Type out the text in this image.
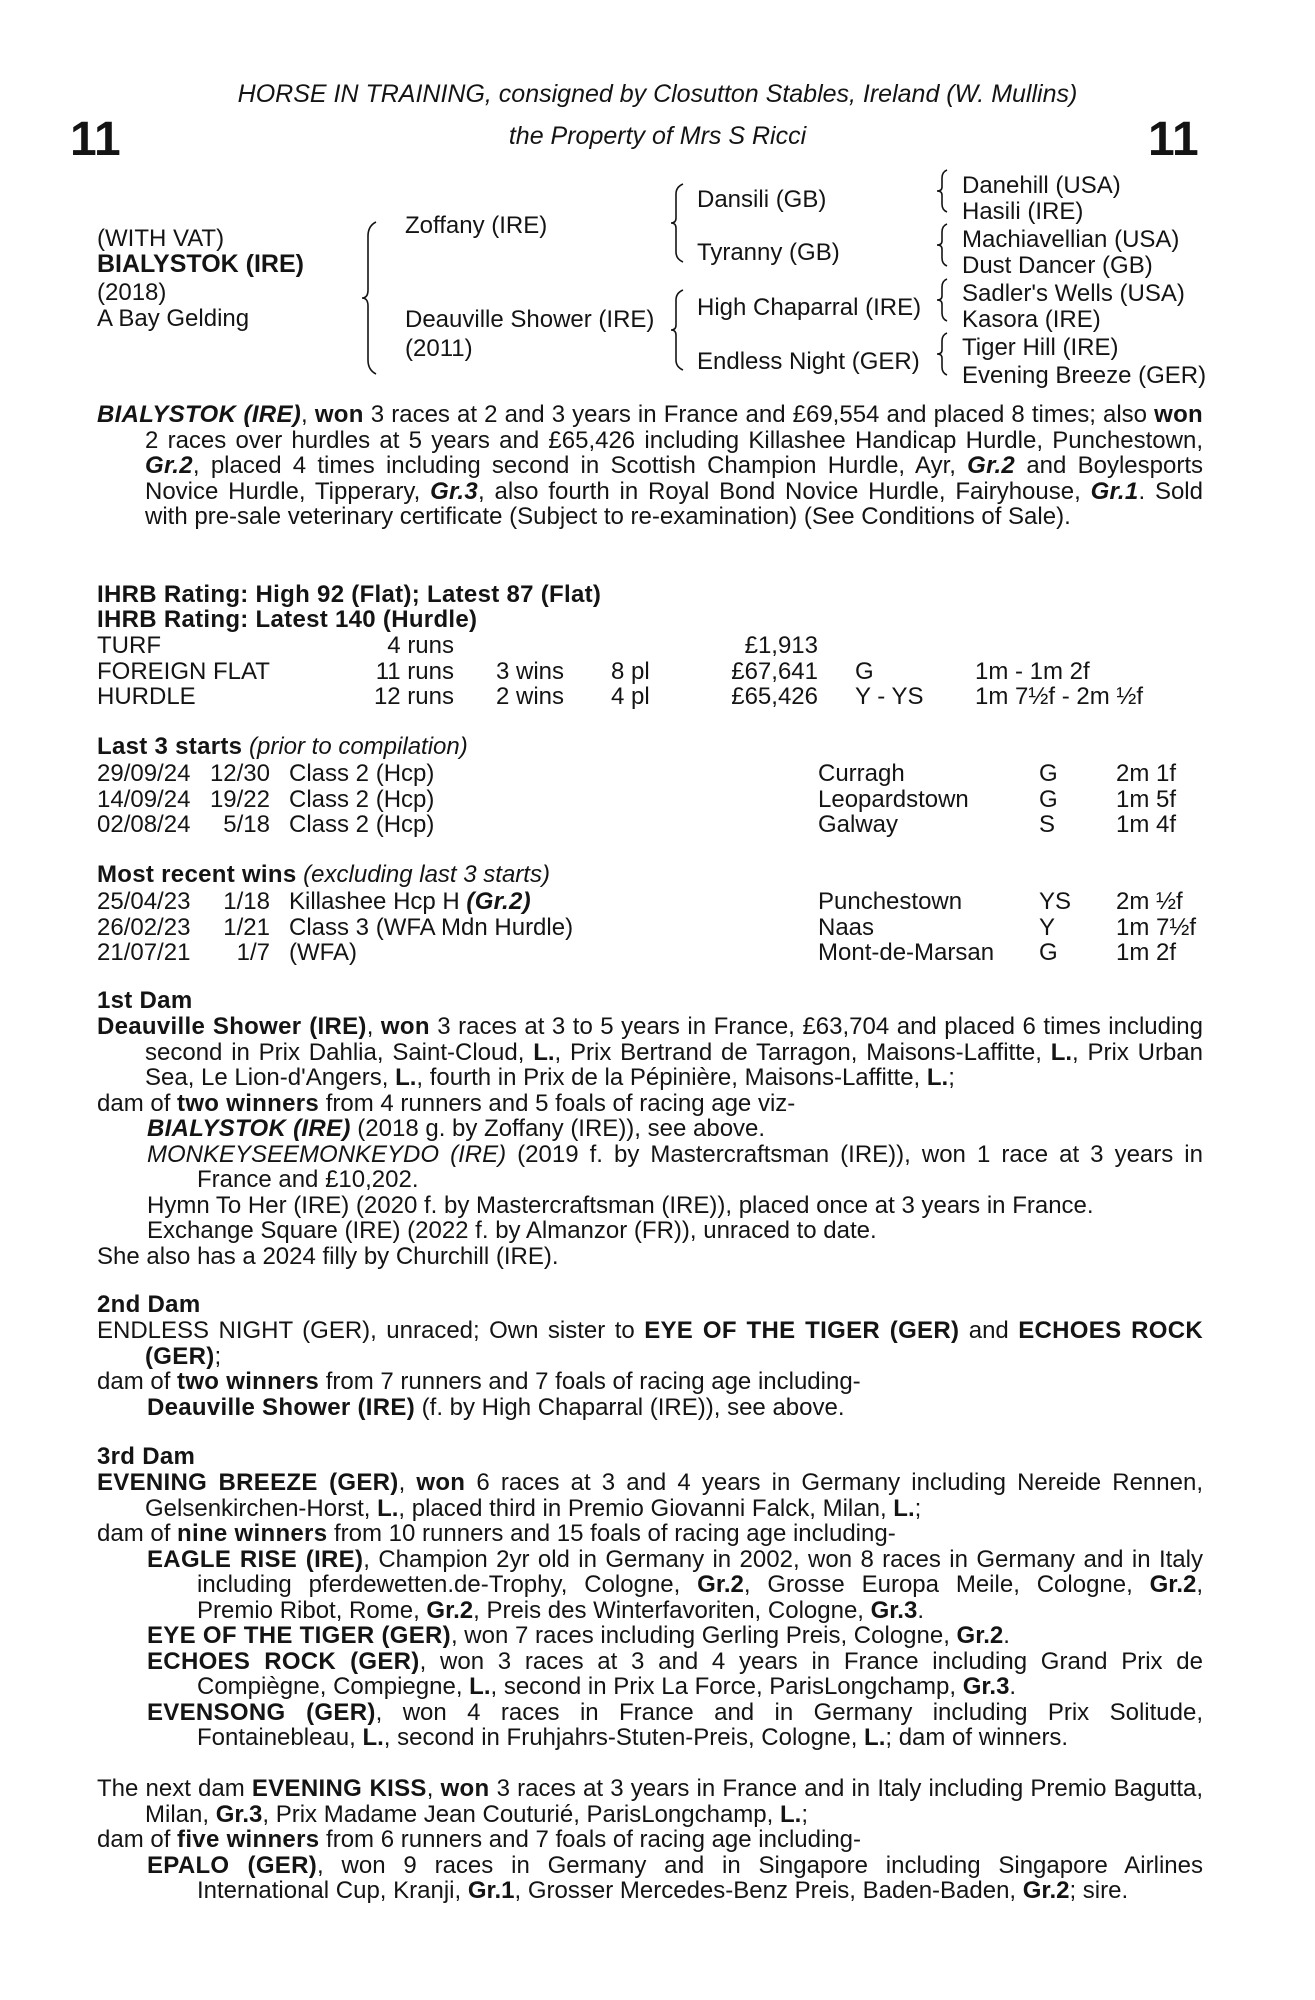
11	11
HORSE IN TRAINING, consigned by Closutton Stables, Ireland (W. Mullins)
the Property of Mrs S Ricci
(WITH VAT)
BIALYSTOK (IRE)
(2018)
A Bay Gelding
Zoffany (IRE)
Deauville Shower (IRE)
(2011)
Dansili (GB)
Tyranny (GB)
High Chaparral (IRE)
Endless Night (GER)
Danehill (USA)
Hasili (IRE)
Machiavellian (USA)
Dust Dancer (GB)
Sadler's Wells (USA)
Kasora (IRE)
Tiger Hill (IRE)
Evening Breeze (GER)
BIALYSTOK (IRE), won 3 races at 2 and 3 years in France and £69,554 and placed 8 times; also won 2 races over hurdles at 5 years and £65,426 including Killashee Handicap Hurdle, Punchestown, Gr.2, placed 4 times including second in Scottish Champion Hurdle, Ayr, Gr.2 and Boylesports Novice Hurdle, Tipperary, Gr.3, also fourth in Royal Bond Novice Hurdle, Fairyhouse, Gr.1. Sold with pre-sale veterinary certificate (Subject to re-examination) (See Conditions of Sale).
IHRB Rating: High 92 (Flat); Latest 87 (Flat)
IHRB Rating: Latest 140 (Hurdle)
TURF	4 runs	£1,913
FOREIGN FLAT	11 runs 3 wins 8 pl	£67,641 G	1m - 1m 2f
HURDLE	12 runs 2 wins 4 pl	£65,426 Y - YS 1m 7½f - 2m ½f
Last 3 starts (prior to compilation)
29/09/24 12/30 Class 2 (Hcp)	Curragh	G 2m 1f
14/09/24 19/22 Class 2 (Hcp)	Leopardstown	G 1m 5f
02/08/24 5/18 Class 2 (Hcp)	Galway	S	1m 4f
Most recent wins (excluding last 3 starts)
25/04/23 1/18 Killashee Hcp H (Gr.2)	Punchestown	YS 2m ½f
26/02/23 1/21 Class 3 (WFA Mdn Hurdle)	Naas	Y	1m 7½f
21/07/21 1/7 (WFA)	Mont-de-Marsan G 1m 2f
1st Dam
Deauville Shower (IRE), won 3 races at 3 to 5 years in France, £63,704 and placed 6 times including second in Prix Dahlia, Saint-Cloud, L., Prix Bertrand de Tarragon, Maisons-Laffitte, L., Prix Urban Sea, Le Lion-d'Angers, L., fourth in Prix de la Pépinière, Maisons-Laffitte, L.;
dam of two winners from 4 runners and 5 foals of racing age viz-
BIALYSTOK (IRE) (2018 g. by Zoffany (IRE)), see above.
MONKEYSEEMONKEYDO (IRE) (2019 f. by Mastercraftsman (IRE)), won 1 race at 3 years in France and £10,202.
Hymn To Her (IRE) (2020 f. by Mastercraftsman (IRE)), placed once at 3 years in France.
Exchange Square (IRE) (2022 f. by Almanzor (FR)), unraced to date.
She also has a 2024 filly by Churchill (IRE).
2nd Dam
ENDLESS NIGHT (GER), unraced; Own sister to EYE OF THE TIGER (GER) and ECHOES ROCK (GER);
dam of two winners from 7 runners and 7 foals of racing age including-
Deauville Shower (IRE) (f. by High Chaparral (IRE)), see above.
3rd Dam
EVENING BREEZE (GER), won 6 races at 3 and 4 years in Germany including Nereide Rennen, Gelsenkirchen-Horst, L., placed third in Premio Giovanni Falck, Milan, L.;
dam of nine winners from 10 runners and 15 foals of racing age including-
EAGLE RISE (IRE), Champion 2yr old in Germany in 2002, won 8 races in Germany and in Italy including pferdewetten.de-Trophy, Cologne, Gr.2, Grosse Europa Meile, Cologne, Gr.2, Premio Ribot, Rome, Gr.2, Preis des Winterfavoriten, Cologne, Gr.3.
EYE OF THE TIGER (GER), won 7 races including Gerling Preis, Cologne, Gr.2.
ECHOES ROCK (GER), won 3 races at 3 and 4 years in France including Grand Prix de Compiègne, Compiegne, L., second in Prix La Force, ParisLongchamp, Gr.3.
EVENSONG (GER), won 4 races in France and in Germany including Prix Solitude, Fontainebleau, L., second in Fruhjahrs-Stuten-Preis, Cologne, L.; dam of winners.
The next dam EVENING KISS, won 3 races at 3 years in France and in Italy including Premio Bagutta, Milan, Gr.3, Prix Madame Jean Couturié, ParisLongchamp, L.;
dam of five winners from 6 runners and 7 foals of racing age including-
EPALO (GER), won 9 races in Germany and in Singapore including Singapore Airlines International Cup, Kranji, Gr.1, Grosser Mercedes-Benz Preis, Baden-Baden, Gr.2; sire.
